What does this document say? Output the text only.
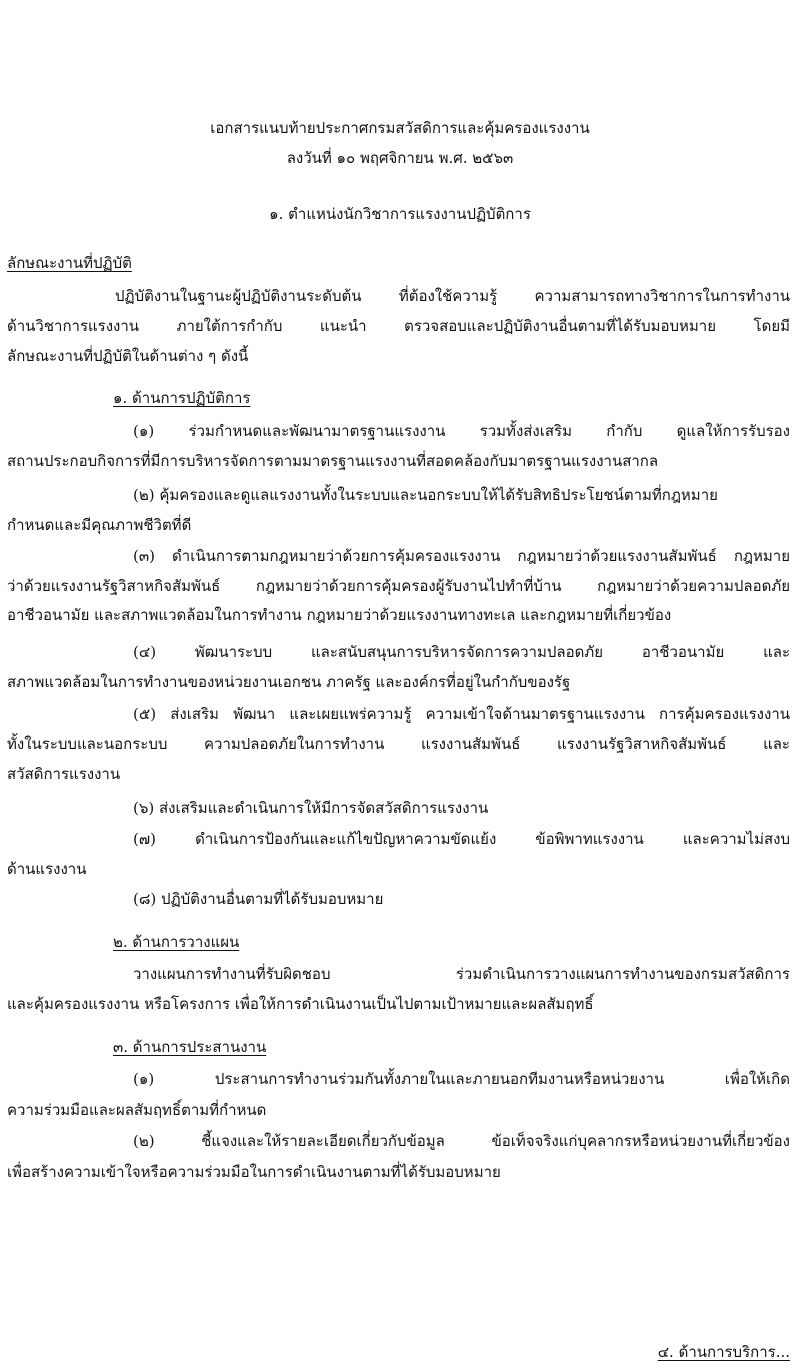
เอกสารแนบท้ายประกาศกรมสวัสดิการและคุ้มครองแรงงาน
ลงวันที่ ๑๐ พฤศจิกายน พ.ศ. ๒๕๖๓
๑. ตำแหน่งนักวิชาการแรงงานปฏิบัติการ
ลักษณะงานที่ปฏิบัติ
ปฏิบัติงานในฐานะผู้ปฏิบัติงานระดับต้น ที่ต้องใช้ความรู้ ความสามารถทางวิชาการในการทำงาน
ด้านวิชาการแรงงาน ภายใต้การกำกับ แนะนำ ตรวจสอบและปฏิบัติงานอื่นตามที่ได้รับมอบหมาย โดยมี
ลักษณะงานที่ปฏิบัติในด้านต่าง ๆ ดังนี้
๑. ด้านการปฏิบัติการ
(๑) ร่วมกำหนดและพัฒนามาตรฐานแรงงาน รวมทั้งส่งเสริม กำกับ ดูแลให้การรับรอง
สถานประกอบกิจการที่มีการบริหารจัดการตามมาตรฐานแรงงานที่สอดคล้องกับมาตรฐานแรงงานสากล
(๒) คุ้มครองและดูแลแรงงานทั้งในระบบและนอกระบบให้ได้รับสิทธิประโยชน์ตามที่กฎหมาย
กำหนดและมีคุณภาพชีวิตที่ดี
(๓) ดำเนินการตามกฎหมายว่าด้วยการคุ้มครองแรงงาน กฎหมายว่าด้วยแรงงานสัมพันธ์ กฎหมาย
ว่าด้วยแรงงานรัฐวิสาหกิจสัมพันธ์ กฎหมายว่าด้วยการคุ้มครองผู้รับงานไปทำที่บ้าน กฎหมายว่าด้วยความปลอดภัย
อาชีวอนามัย และสภาพแวดล้อมในการทำงาน กฎหมายว่าด้วยแรงงานทางทะเล และกฎหมายที่เกี่ยวข้อง
(๔) พัฒนาระบบ และสนับสนุนการบริหารจัดการความปลอดภัย อาชีวอนามัย และ
สภาพแวดล้อมในการทำงานของหน่วยงานเอกชน ภาครัฐ และองค์กรที่อยู่ในกำกับของรัฐ
(๕) ส่งเสริม พัฒนา และเผยแพร่ความรู้ ความเข้าใจด้านมาตรฐานแรงงาน การคุ้มครองแรงงาน
ทั้งในระบบและนอกระบบ ความปลอดภัยในการทำงาน แรงงานสัมพันธ์ แรงงานรัฐวิสาหกิจสัมพันธ์ และ
สวัสดิการแรงงาน
(๖) ส่งเสริมและดำเนินการให้มีการจัดสวัสดิการแรงงาน
(๗) ดำเนินการป้องกันและแก้ไขปัญหาความขัดแย้ง ข้อพิพาทแรงงาน และความไม่สงบ
ด้านแรงงาน
(๘) ปฏิบัติงานอื่นตามที่ได้รับมอบหมาย
๒. ด้านการวางแผน
วางแผนการทำงานที่รับผิดชอบ ร่วมดำเนินการวางแผนการทำงานของกรมสวัสดิการ
และคุ้มครองแรงงาน หรือโครงการ เพื่อให้การดำเนินงานเป็นไปตามเป้าหมายและผลสัมฤทธิ์
๓. ด้านการประสานงาน
(๑) ประสานการทำงานร่วมกันทั้งภายในและภายนอกทีมงานหรือหน่วยงาน เพื่อให้เกิด
ความร่วมมือและผลสัมฤทธิ์ตามที่กำหนด
(๒) ชี้แจงและให้รายละเอียดเกี่ยวกับข้อมูล ข้อเท็จจริงแก่บุคลากรหรือหน่วยงานที่เกี่ยวข้อง
เพื่อสร้างความเข้าใจหรือความร่วมมือในการดำเนินงานตามที่ได้รับมอบหมาย
๔. ด้านการบริการ...
